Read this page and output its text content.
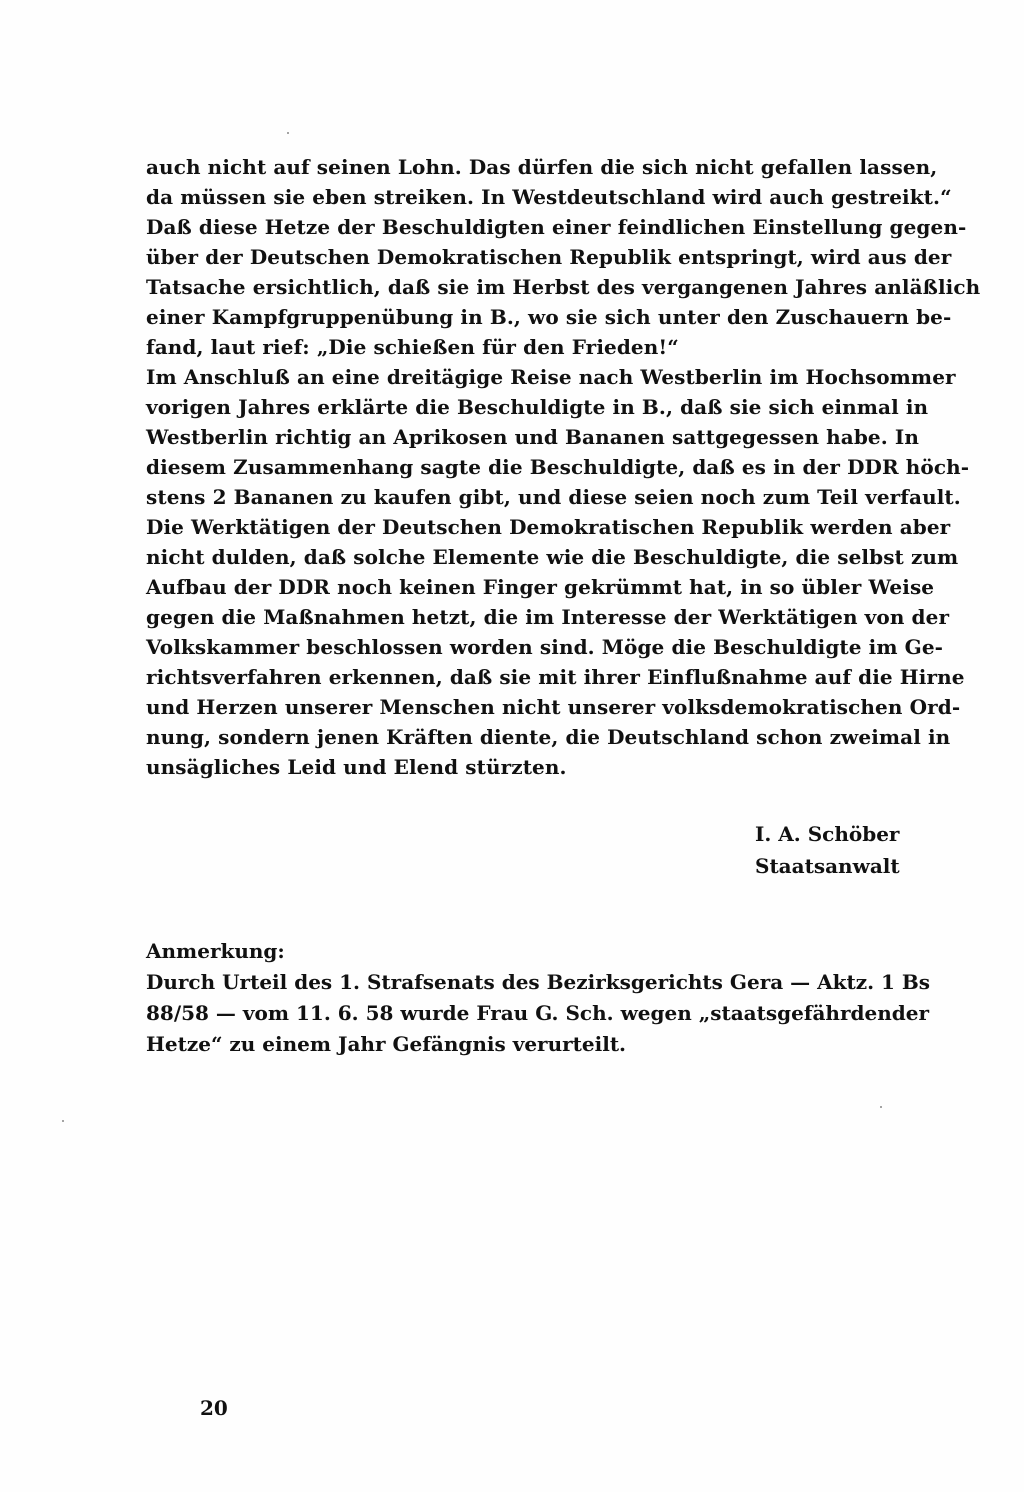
auch nicht auf seinen Lohn. Das dürfen die sich nicht gefallen lassen,
da müssen sie eben streiken. In Westdeutschland wird auch gestreikt.“
Daß diese Hetze der Beschuldigten einer feindlichen Einstellung gegen-
über der Deutschen Demokratischen Republik entspringt, wird aus der
Tatsache ersichtlich, daß sie im Herbst des vergangenen Jahres anläßlich
einer Kampfgruppenübung in B., wo sie sich unter den Zuschauern be-
fand, laut rief: „Die schießen für den Frieden!“
Im Anschluß an eine dreitägige Reise nach Westberlin im Hochsommer
vorigen Jahres erklärte die Beschuldigte in B., daß sie sich einmal in
Westberlin richtig an Aprikosen und Bananen sattgegessen habe. In
diesem Zusammenhang sagte die Beschuldigte, daß es in der DDR höch-
stens 2 Bananen zu kaufen gibt, und diese seien noch zum Teil verfault.
Die Werktätigen der Deutschen Demokratischen Republik werden aber
nicht dulden, daß solche Elemente wie die Beschuldigte, die selbst zum
Aufbau der DDR noch keinen Finger gekrümmt hat, in so übler Weise
gegen die Maßnahmen hetzt, die im Interesse der Werktätigen von der
Volkskammer beschlossen worden sind. Möge die Beschuldigte im Ge-
richtsverfahren erkennen, daß sie mit ihrer Einflußnahme auf die Hirne
und Herzen unserer Menschen nicht unserer volksdemokratischen Ord-
nung, sondern jenen Kräften diente, die Deutschland schon zweimal in
unsägliches Leid und Elend stürzten.
I. A. Schöber
Staatsanwalt
Anmerkung:
Durch Urteil des 1. Strafsenats des Bezirksgerichts Gera — Aktz. 1 Bs
88/58 — vom 11. 6. 58 wurde Frau G. Sch. wegen „staatsgefährdender
Hetze“ zu einem Jahr Gefängnis verurteilt.
20
